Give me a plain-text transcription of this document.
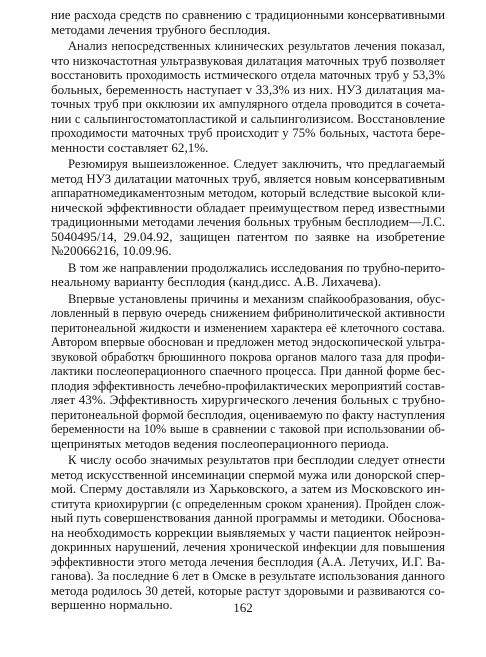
ние расхода средств по сравнению с традиционными консервативными
методами лечения трубного бесплодия.

Анализ непосредственных клинических результатов лечения показал,
что низкочастотная ультразвуковая дилатация маточных труб позволяет
восстановить проходимость истмического отдела маточных труб у 53,3%
больных, беременность наступает v 33,3% из них. НУЗ дилатация ма-
точных труб при окклюзии их ампулярного отдела проводится в сочета-
нии с сальпингостоматопластикой и сальпинголизисом. Восстановление
проходимости маточных труб происходит у 75% больных, частота бере-
менности составляет 62,1%.

Резюмируя вышеизложенное. Следует заключить, что предлагаемый
метод НУЗ дилатации маточных труб, является новым консервативным
аппаратномедикаментозным методом, который вследствие высокой кли-
нической эффективности обладает преимуществом перед известными
традиционными методами лечения больных трубным бесплодием—Л.С.
5040495/14, 29.04.92, защищен патентом по заявке на изобретение
№20066216, 10.09.96.

В том же направлении продолжались исследования по трубно-перито-
неальному варианту бесплодия (канд.дисс. А.В. Лихачева).

Впервые установлены причины и механизм спайкообразования, обус-
ловленный в первую очередь снижением фибринолитической активности
перитонеальной жидкости и изменением характера её клеточного состава.
Автором впервые обоснован и предложен метод эндоскопической ультра-
звуковой обработкч брюшинного покрова органов малого таза для профи-
лактики послеоперационного спаечного процесса. При данной форме бес-
плодия эффективность лечебно-профилактических мероприятий состав-
ляет 43%. Эффективность хирургического лечения больных с трубно-
перитонеальной формой бесплодия, оцениваемую по факту наступления
беременности на 10% выше в сравнении с таковой при использовании об-
щепринятых методов ведения послеоперационного периода.

К числу особо значимых результатов при бесплодии следует отнести
метод искусственной инсеминации спермой мужа или донорской спер-
мой. Сперму доставляли из Харьковского, а затем из Московского ин-
ститута криохирургии (с определенным сроком хранения). Пройден слож-
ный путь совершенствования данной программы и методики. Обоснова-
на необходимость коррекции выявляемых у части пациенток нейроэн-
докринных нарушений, лечения хронической инфекции для повышения
эффективности этого метода лечения бесплодия (А.А. Летучих, И.Г. Ва-
ганова). За последние 6 лет в Омске в результате использования данного
метода родилось 30 детей, которые растут здоровыми и развиваются со-
вершенно нормально.	162
